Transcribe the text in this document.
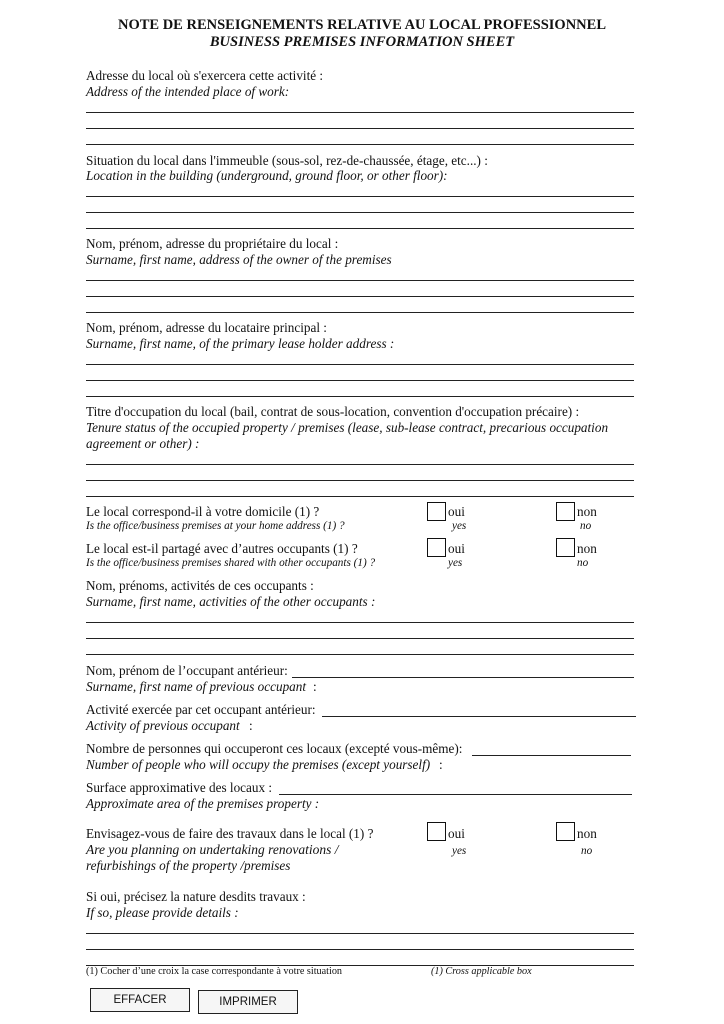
NOTE DE RENSEIGNEMENTS RELATIVE AU LOCAL PROFESSIONNEL
BUSINESS PREMISES INFORMATION SHEET
Adresse du local où s'exercera cette activité :
Address of the intended place of work:
Situation du local dans l'immeuble (sous-sol, rez-de-chaussée, étage, etc...) :
Location in the building (underground, ground floor, or other floor):
Nom, prénom, adresse du propriétaire du local :
Surname, first name, address of the owner of the premises
Nom, prénom, adresse du locataire principal :
Surname, first name, of the primary lease holder address :
Titre d'occupation du local (bail, contrat de sous-location, convention d'occupation précaire) :
Tenure status of the occupied property / premises (lease, sub-lease contract, precarious occupation
agreement or other) :
Le local correspond-il à votre domicile (1) ?
Is the office/business premises at your home address (1) ?
oui
yes
non
no
Le local est-il partagé avec d’autres occupants (1) ?
Is the office/business premises shared with other occupants (1) ?
oui
yes
non
no
Nom, prénoms, activités de ces occupants :
Surname, first name, activities of the other occupants :
Nom, prénom de l’occupant antérieur:
Surname, first name of previous occupant :
Activité exercée par cet occupant antérieur:
Activity of previous occupant :
Nombre de personnes qui occuperont ces locaux (excepté vous-même):
Number of people who will occupy the premises (except yourself) :
Surface approximative des locaux :
Approximate area of the premises property :
Envisagez-vous de faire des travaux dans le local (1) ?
Are you planning on undertaking renovations /
refurbishings of the property /premises
oui
yes
non
no
Si oui, précisez la nature desdits travaux :
If so, please provide details :
(1) Cocher d’une croix la case correspondante à votre situation	(1) Cross applicable box
EFFACER	IMPRIMER
